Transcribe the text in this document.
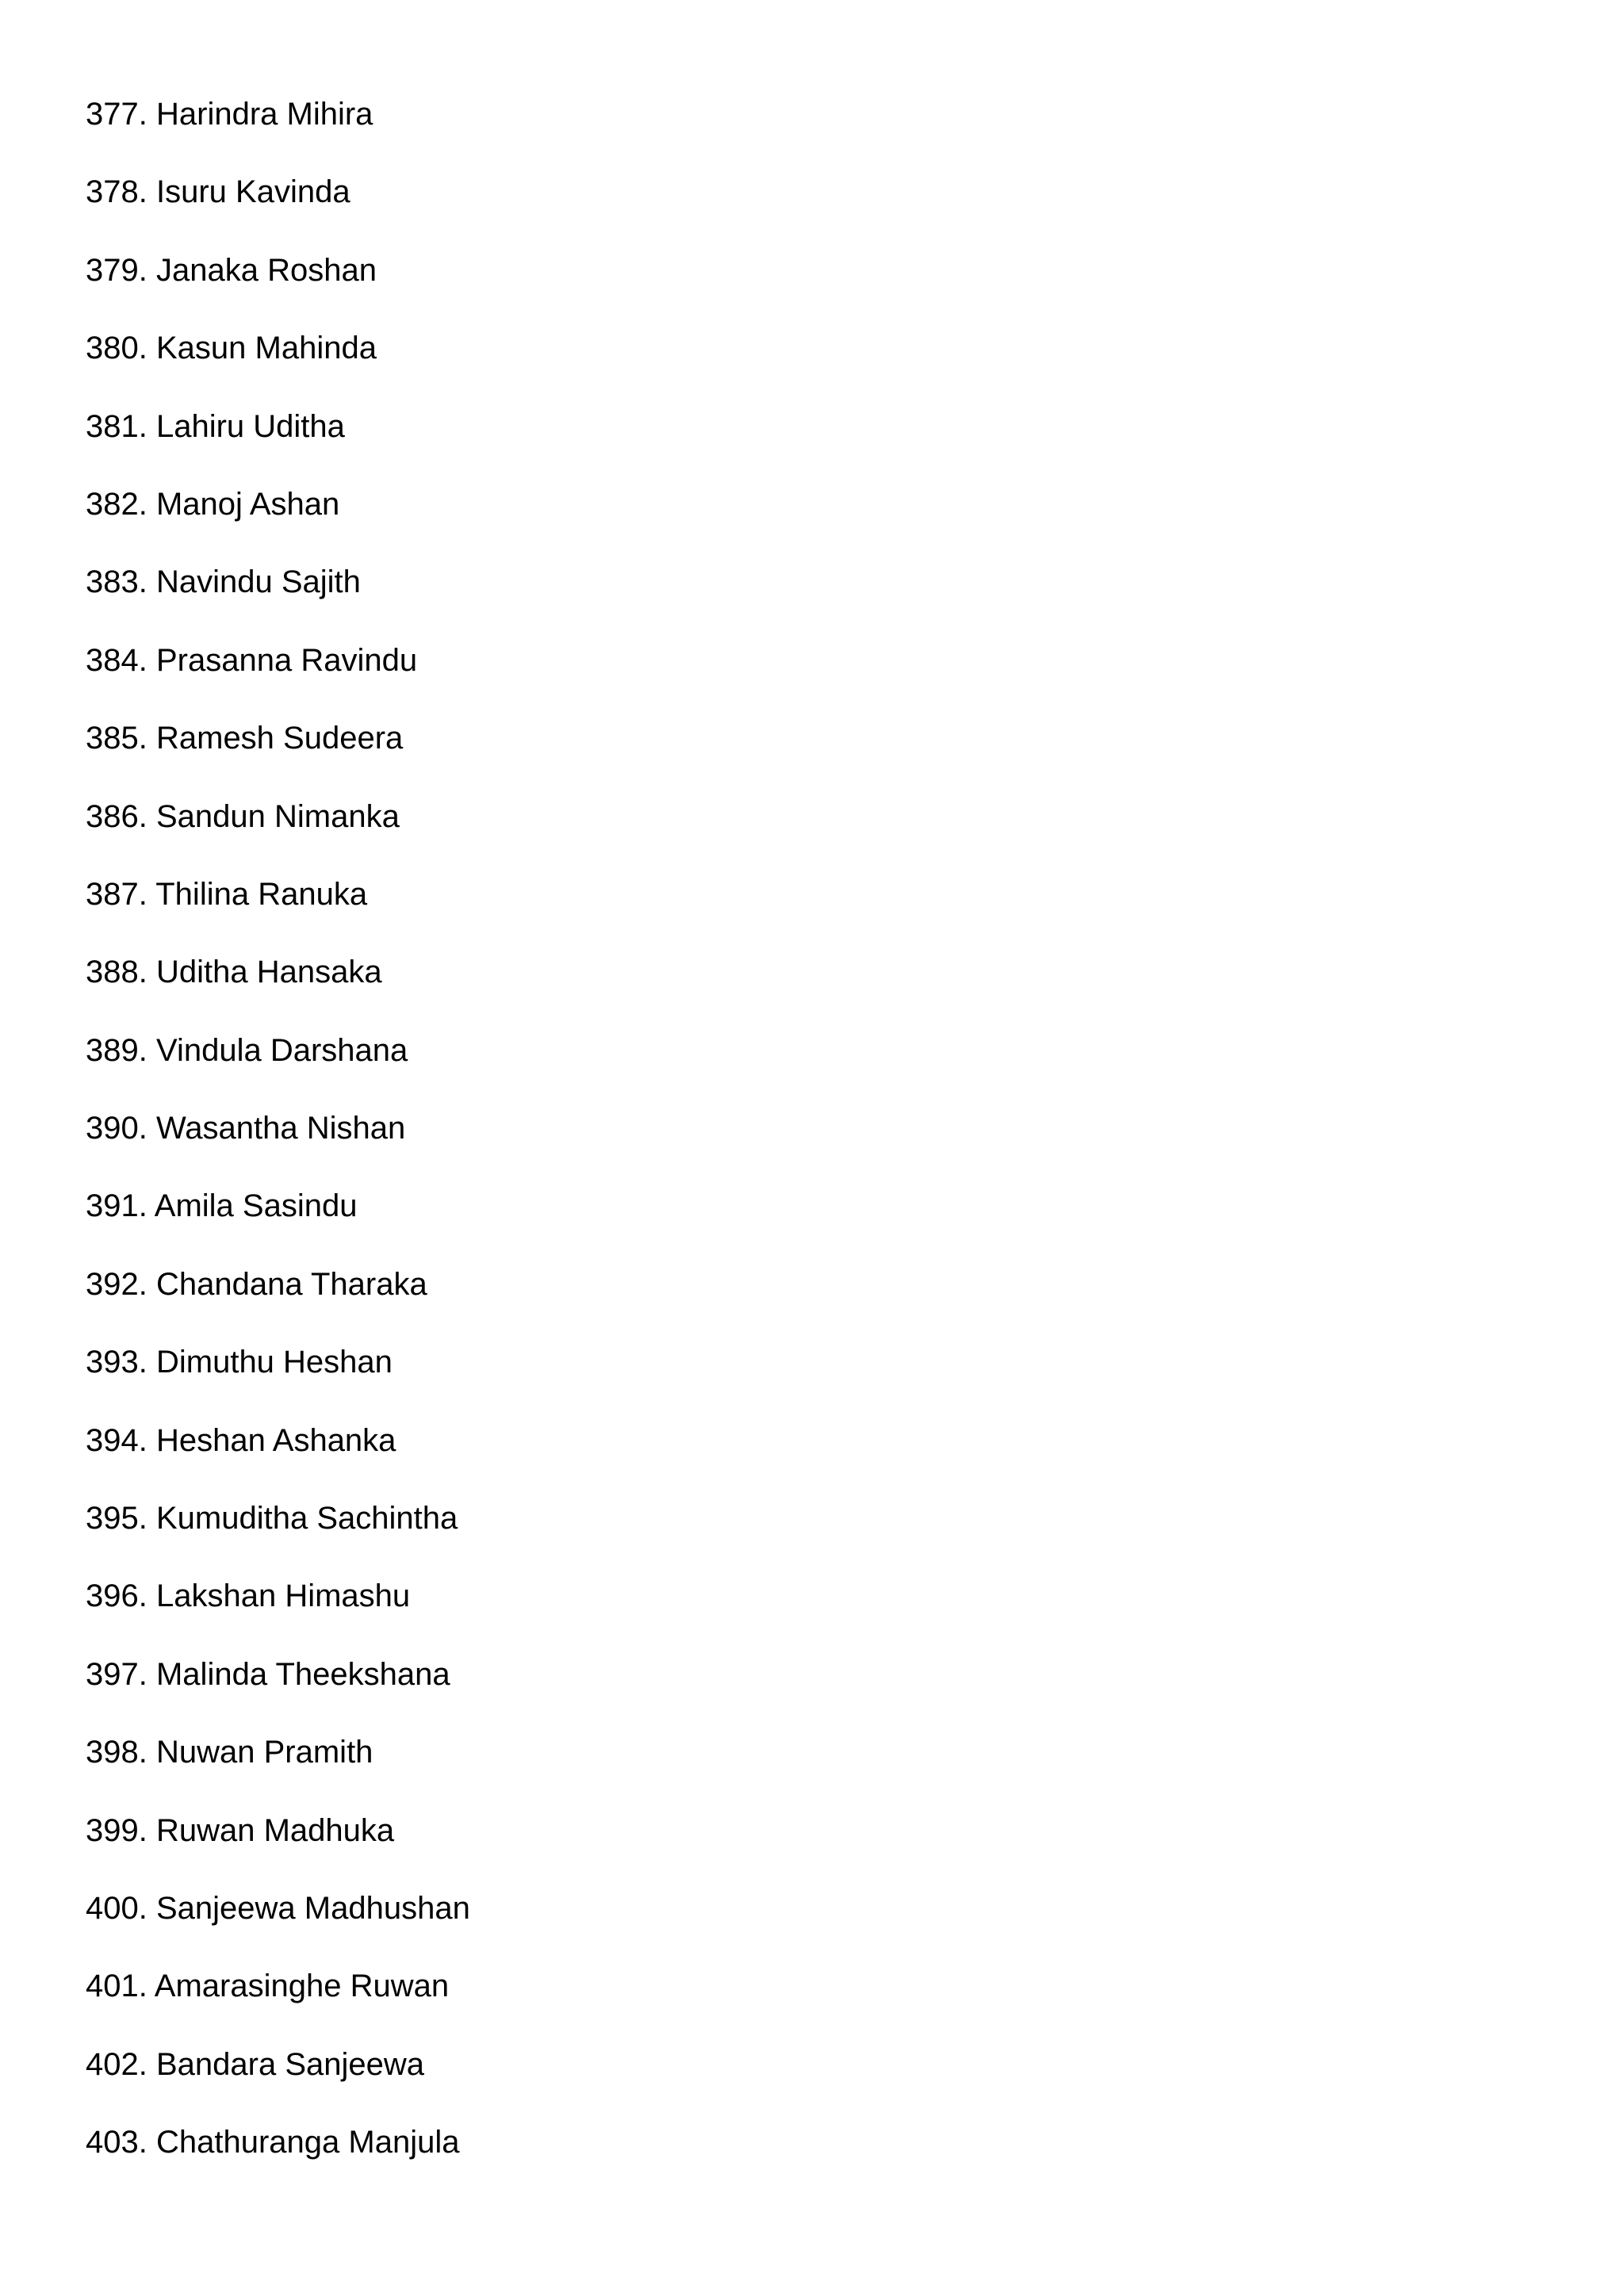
377. Harindra Mihira
378. Isuru Kavinda
379. Janaka Roshan
380. Kasun Mahinda
381. Lahiru Uditha
382. Manoj Ashan
383. Navindu Sajith
384. Prasanna Ravindu
385. Ramesh Sudeera
386. Sandun Nimanka
387. Thilina Ranuka
388. Uditha Hansaka
389. Vindula Darshana
390. Wasantha Nishan
391. Amila Sasindu
392. Chandana Tharaka
393. Dimuthu Heshan
394. Heshan Ashanka
395. Kumuditha Sachintha
396. Lakshan Himashu
397. Malinda Theekshana
398. Nuwan Pramith
399. Ruwan Madhuka
400. Sanjeewa Madhushan
401. Amarasinghe Ruwan
402. Bandara Sanjeewa
403. Chathuranga Manjula
